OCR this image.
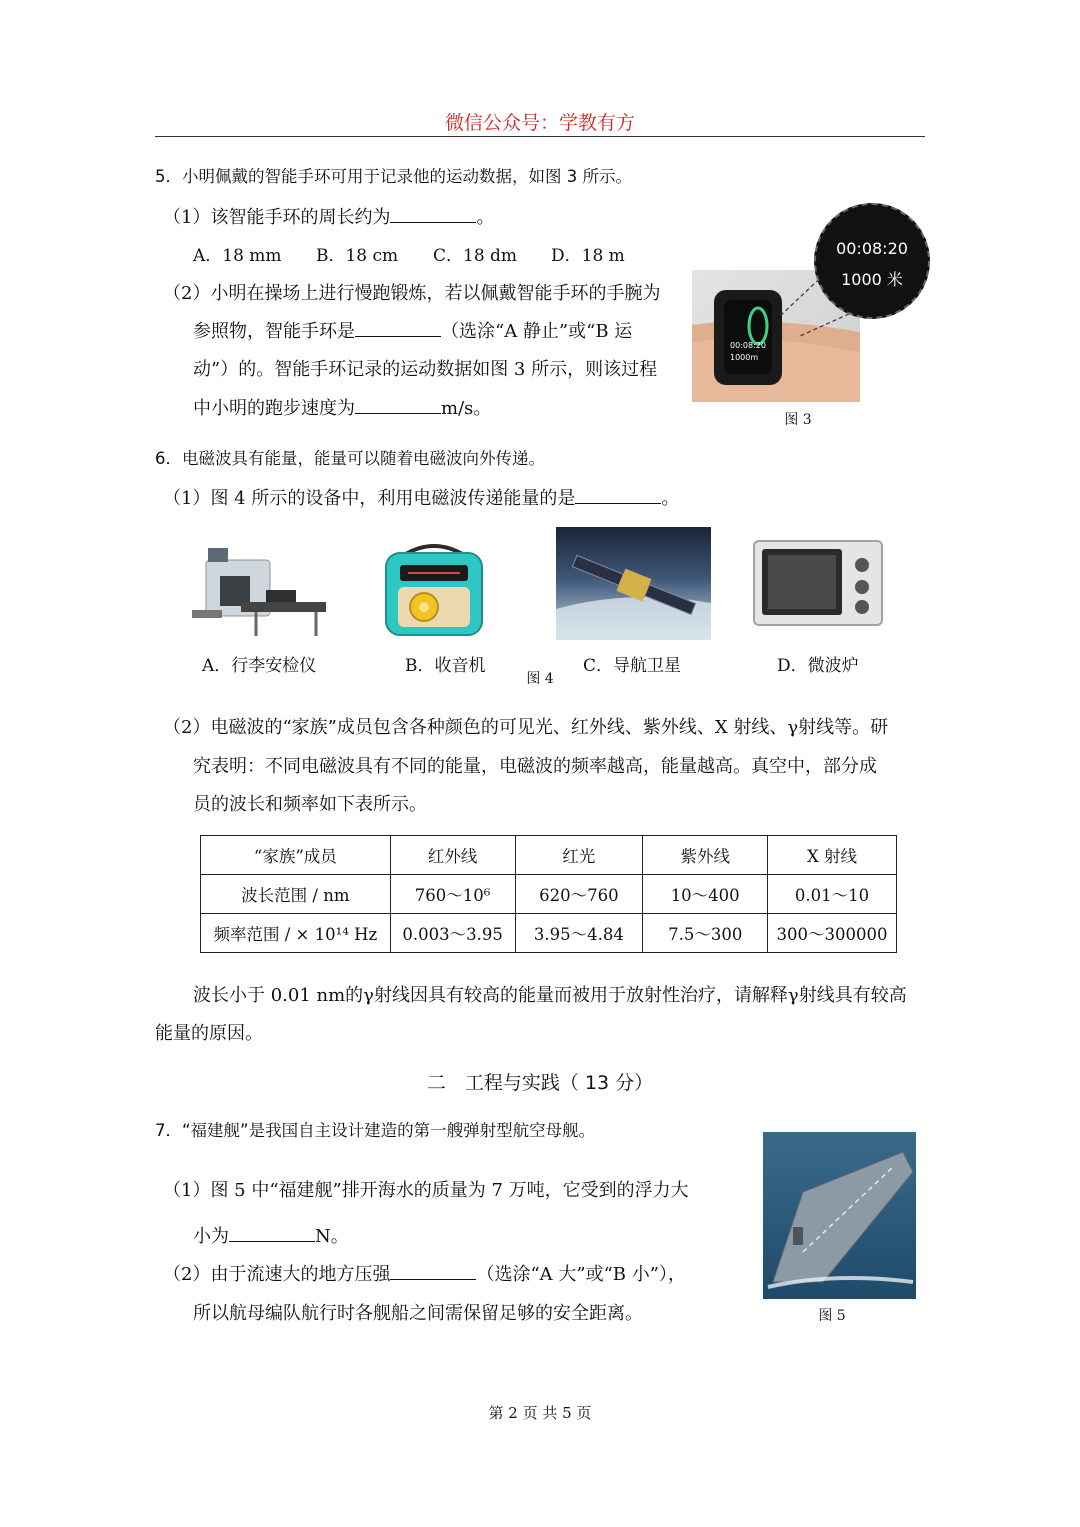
微信公众号：学教有方
5．小明佩戴的智能手环可用于记录他的运动数据，如图 3 所示。
（1）该智能手环的周长约为	。
A．18 mm B．18 cm C．18 dm D．18 m
（2）小明在操场上进行慢跑锻炼，若以佩戴智能手环的手腕为
参照物，智能手环是	（选涂“A 静止”或“B 运
动”）的。智能手环记录的运动数据如图 3 所示，则该过程
中小明的跑步速度为	m/s。
00:08:20
1000m
00:08:20
1000 米
图 3
6．电磁波具有能量，能量可以随着电磁波向外传递。
（1）图 4 所示的设备中，利用电磁波传递能量的是	。
A．行李安检仪	B．收音机	C．导航卫星	D．微波炉
图 4
（2）电磁波的“家族”成员包含各种颜色的可见光、红外线、紫外线、X 射线、γ射线等。研
究表明：不同电磁波具有不同的能量，电磁波的频率越高，能量越高。真空中，部分成
员的波长和频率如下表所示。
“家族”成员	红外线	红光	紫外线	X 射线
波长范围 / nm	760～10⁶	620～760	10～400	0.01～10
频率范围 / × 10¹⁴ Hz	0.003～3.95	3.95～4.84	7.5～300	300～300000
波长小于 0.01 nm的γ射线因具有较高的能量而被用于放射性治疗，请解释γ射线具有较高
能量的原因。
二　工程与实践（ 13 分）
7．“福建舰”是我国自主设计建造的第一艘弹射型航空母舰。
（1）图 5 中“福建舰”排开海水的质量为 7 万吨，它受到的浮力大
小为	N。
（2）由于流速大的地方压强	（选涂“A 大”或“B 小”），
所以航母编队航行时各舰船之间需保留足够的安全距离。	图 5
第 2 页 共 5 页
